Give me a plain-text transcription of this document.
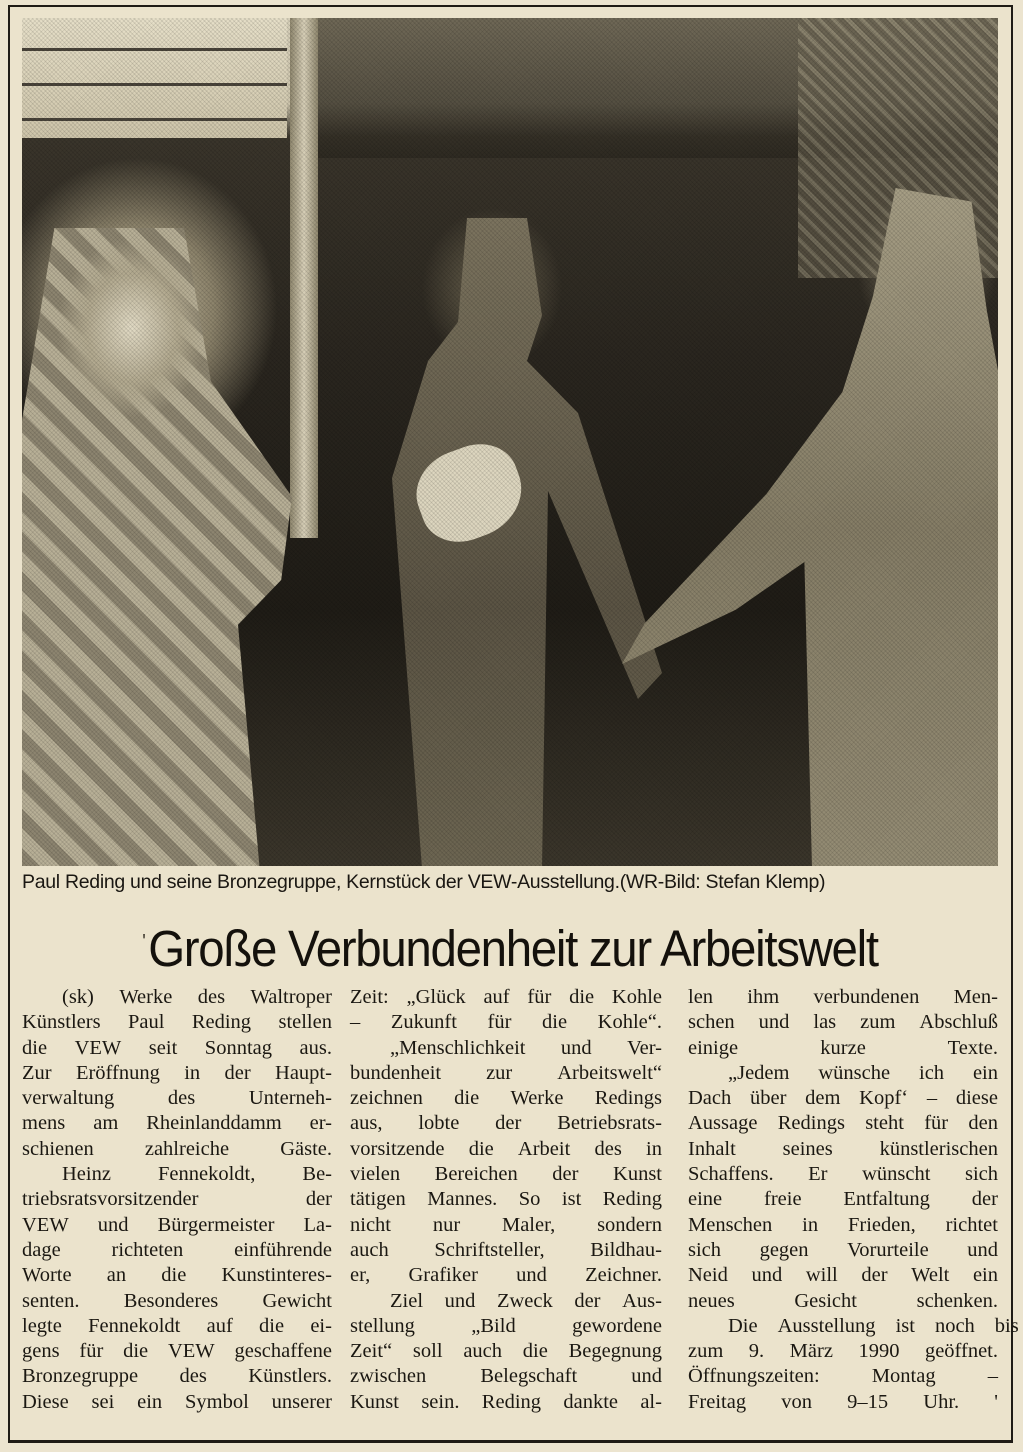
Paul Reding und seine Bronzegruppe, Kernstück der VEW-Ausstellung.(WR-Bild: Stefan Klemp)
'Große Verbundenheit zur Arbeitswelt
(sk)	Werke	des	Waltroper
Künstlers Paul Reding stellen
die VEW seit Sonntag aus.
Zur Eröffnung in der Haupt-
verwaltung	des	Unterneh-
mens am Rheinlanddamm er-
schienen zahlreiche Gäste.
Heinz	Fennekoldt,	Be-
triebsratsvorsitzender	der
VEW und Bürgermeister La-
dage richteten einführende
Worte an die Kunstinteres-
senten. Besonderes Gewicht
legte Fennekoldt auf die ei-
gens für die VEW geschaffene
Bronzegruppe des Künstlers.
Diese sei ein Symbol unserer
Zeit: „Glück auf für die Kohle
– Zukunft für die Kohle“.
„Menschlichkeit	und	Ver-
bundenheit zur Arbeitswelt“
zeichnen die Werke Redings
aus, lobte der Betriebsrats-
vorsitzende die Arbeit des in
vielen Bereichen der Kunst
tätigen Mannes. So ist Reding
nicht nur Maler, sondern
auch Schriftsteller, Bildhau-
er, Grafiker und Zeichner.
Ziel	und	Zweck	der	Aus-
stellung	„Bild	gewordene
Zeit“ soll auch die Begegnung
zwischen	Belegschaft	und
Kunst sein. Reding dankte al-
len ihm verbundenen Men-
schen und las zum Abschluß
einige kurze Texte.
„Jedem	wünsche	ich	ein
Dach über dem Kopf‘ – diese
Aussage Redings steht für den
Inhalt seines künstlerischen
Schaffens. Er wünscht sich
eine freie Entfaltung der
Menschen in Frieden, richtet
sich gegen Vorurteile und
Neid und will der Welt ein
neues Gesicht schenken.
Die Ausstellung ist noch bis
zum 9. März 1990 geöffnet.
Öffnungszeiten:	Montag	–
Freitag von 9–15 Uhr. '
